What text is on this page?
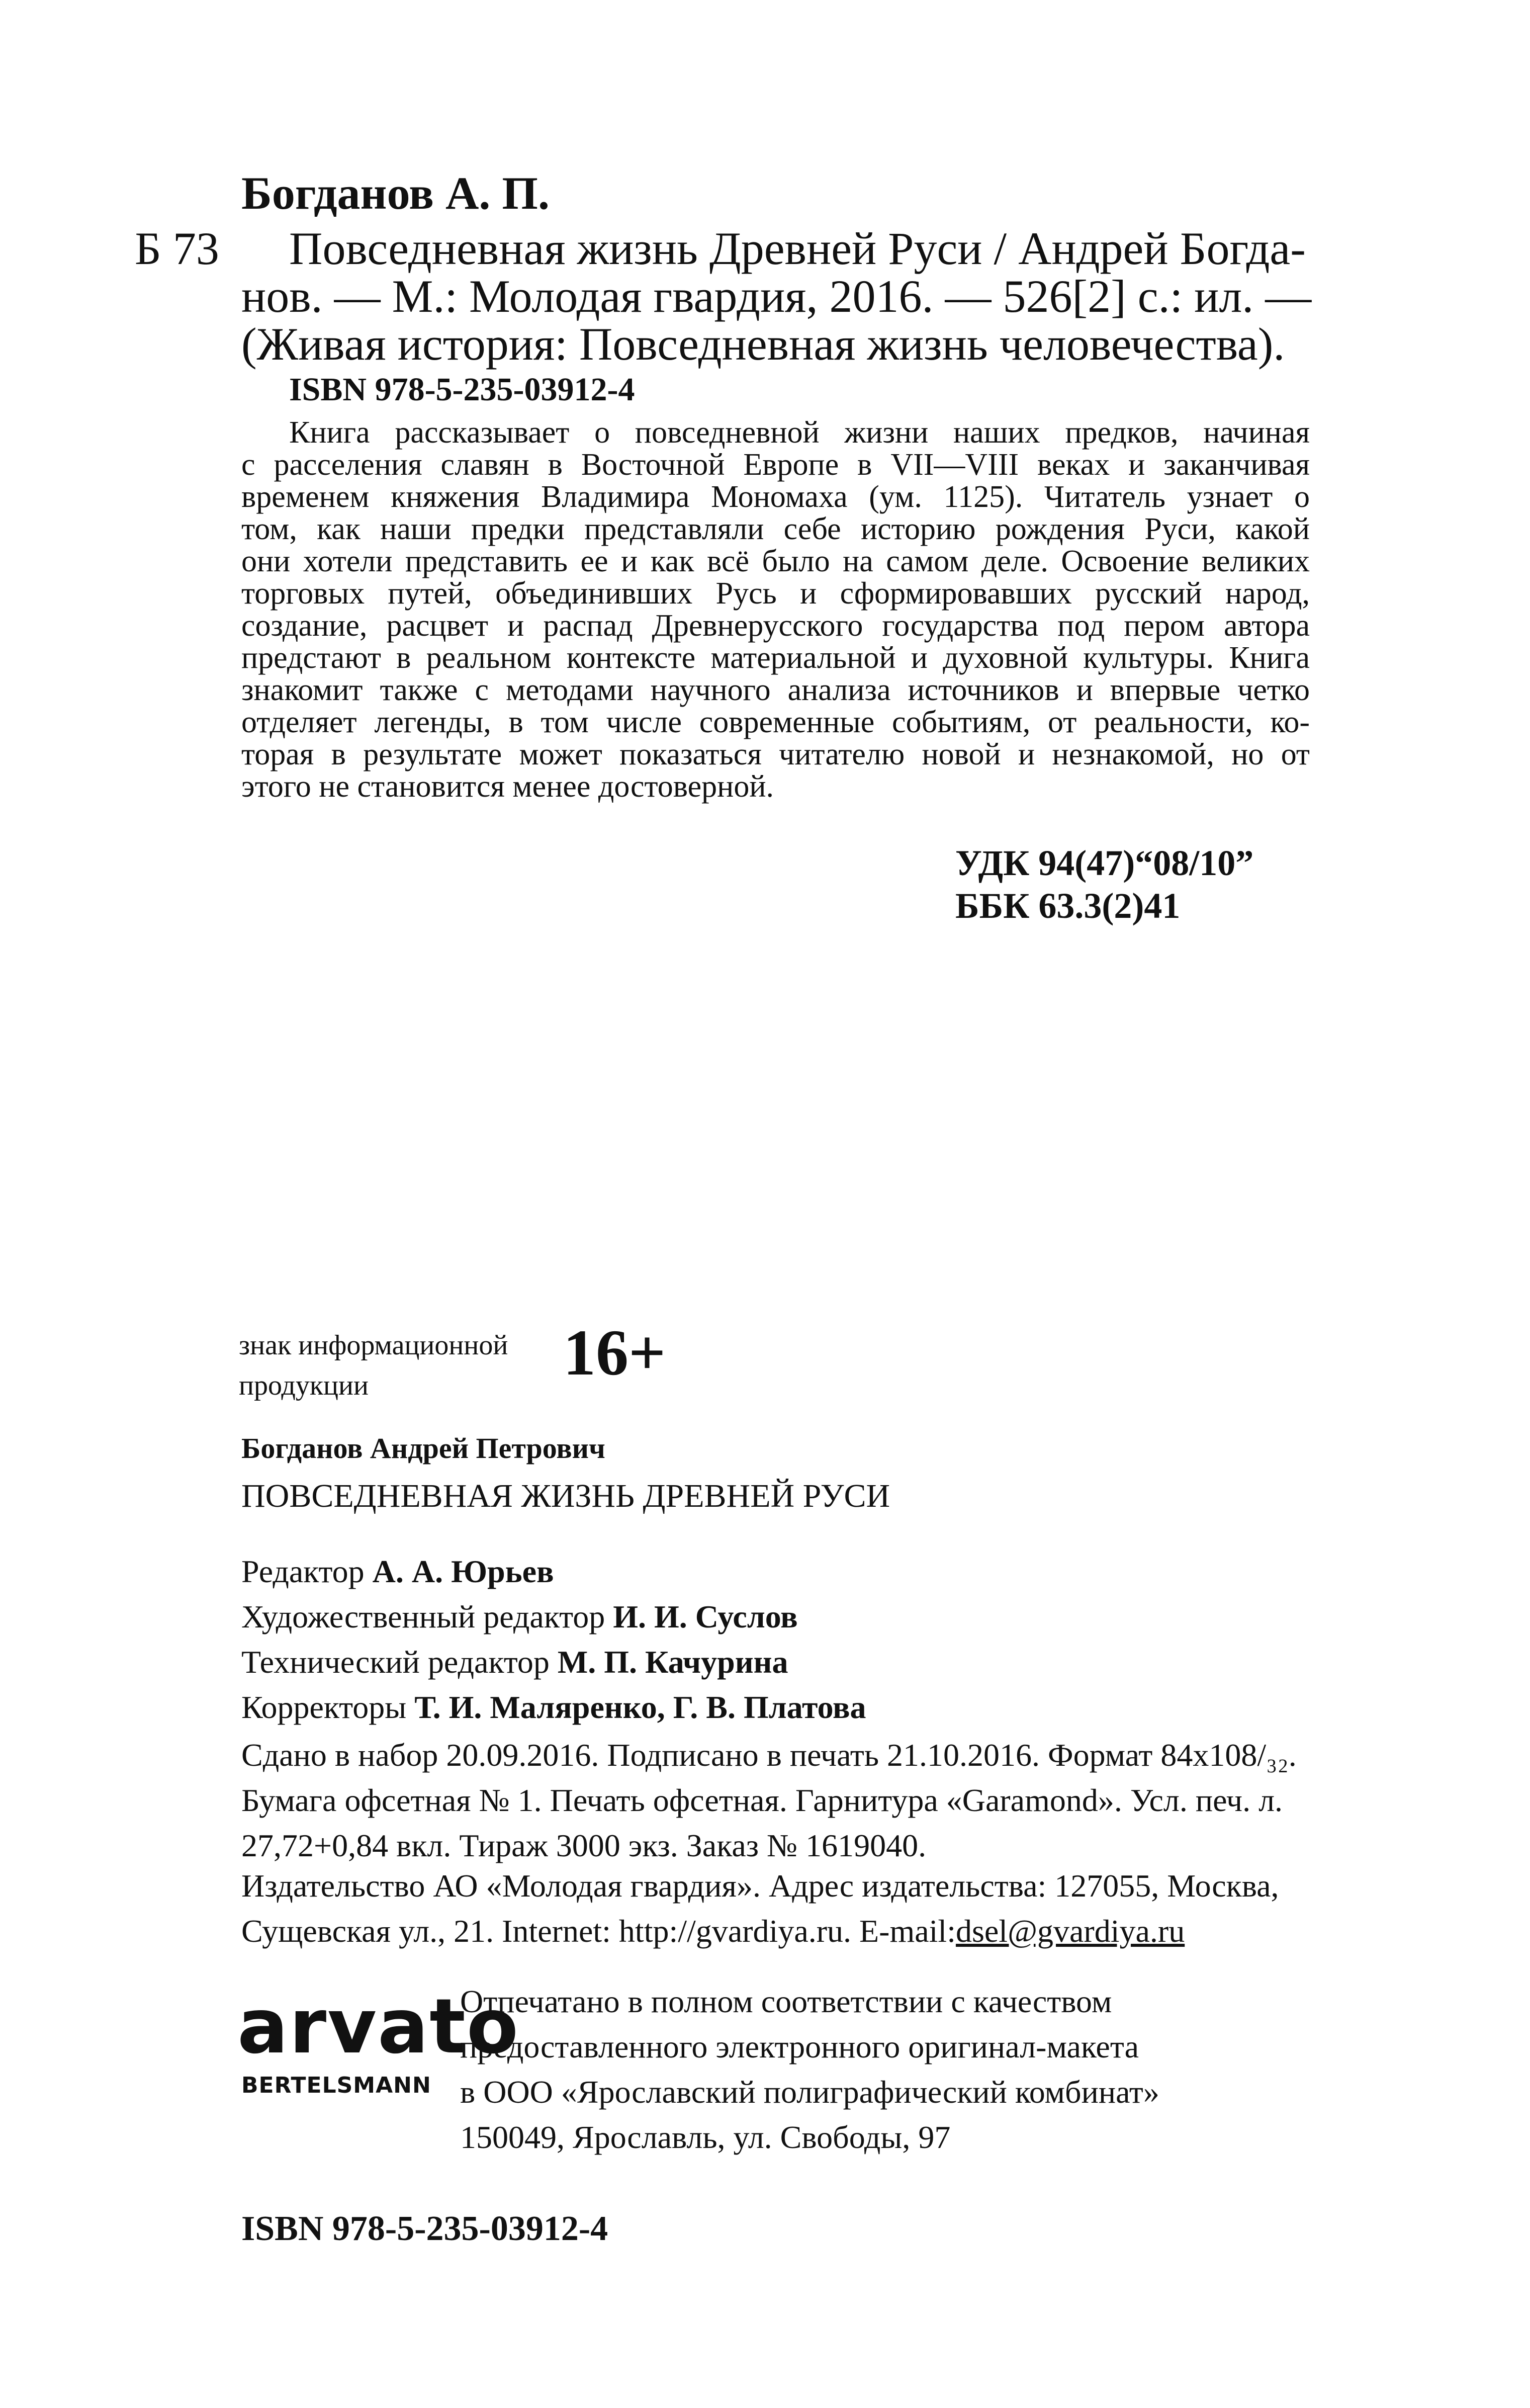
Богданов А. П.
Б 73 Повседневная жизнь Древней Руси / Андрей Богда-
нов. — М.: Молодая гвардия, 2016. — 526[2] с.: ил. —
(Живая история: Повседневная жизнь человечества).
ISBN 978-5-235-03912-4
Книга рассказывает о повседневной жизни наших предков, начиная
с расселения славян в Восточной Европе в VII—VIII веках и заканчивая
временем княжения Владимира Мономаха (ум. 1125). Читатель узнает о
том, как наши предки представляли себе историю рождения Руси, какой
они хотели представить ее и как всё было на самом деле. Освоение великих
торговых путей, объединивших Русь и сформировавших русский народ,
создание, расцвет и распад Древнерусского государства под пером автора
предстают в реальном контексте материальной и духовной культуры. Книга
знакомит также с методами научного анализа источников и впервые четко
отделяет легенды, в том числе современные событиям, от реальности, ко-
торая в результате может показаться читателю новой и незнакомой, но от
этого не становится менее достоверной.
УДК 94(47)“08/10”
ББК 63.3(2)41
знак информационной
продукции	16+
Богданов Андрей Петрович
ПОВСЕДНЕВНАЯ ЖИЗНЬ ДРЕВНЕЙ РУСИ
Редактор А. А. Юрьев
Художественный редактор И. И. Суслов
Технический редактор М. П. Качурина
Корректоры Т. И. Маляренко, Г. В. Платова
Сдано в набор 20.09.2016. Подписано в печать 21.10.2016. Формат 84x108/₃₂.
Бумага офсетная № 1. Печать офсетная. Гарнитура «Garamond». Усл. печ. л.
27,72+0,84 вкл. Тираж 3000 экз. Заказ № 1619040.
Издательство АО «Молодая гвардия». Адрес издательства: 127055, Москва,
Сущевская ул., 21. Internet: http://gvardiya.ru. E-mail:dsel@gvardiya.ru
arvato
BERTELSMANN
Отпечатано в полном соответствии с качеством
предоставленного электронного оригинал-макета
в ООО «Ярославский полиграфический комбинат»
150049, Ярославль, ул. Свободы, 97
ISBN 978-5-235-03912-4
